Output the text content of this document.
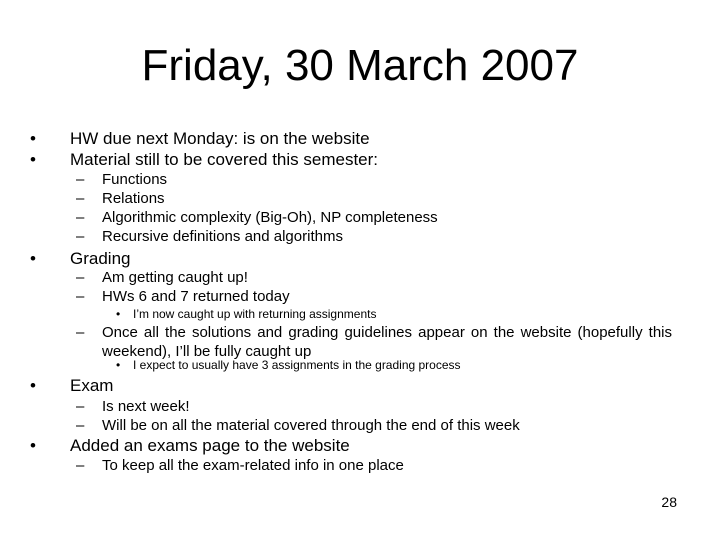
Friday, 30 March 2007
• HW due next Monday: is on the website
• Material still to be covered this semester:
– Functions
– Relations
– Algorithmic complexity (Big-Oh), NP completeness
– Recursive definitions and algorithms
• Grading
– Am getting caught up!
– HWs 6 and 7 returned today
• I’m now caught up with returning assignments
– Once all the solutions and grading guidelines appear on the website (hopefully this weekend), I’ll be fully caught up
• I expect to usually have 3 assignments in the grading process
• Exam
– Is next week!
– Will be on all the material covered through the end of this week
• Added an exams page to the website
– To keep all the exam-related info in one place
28
